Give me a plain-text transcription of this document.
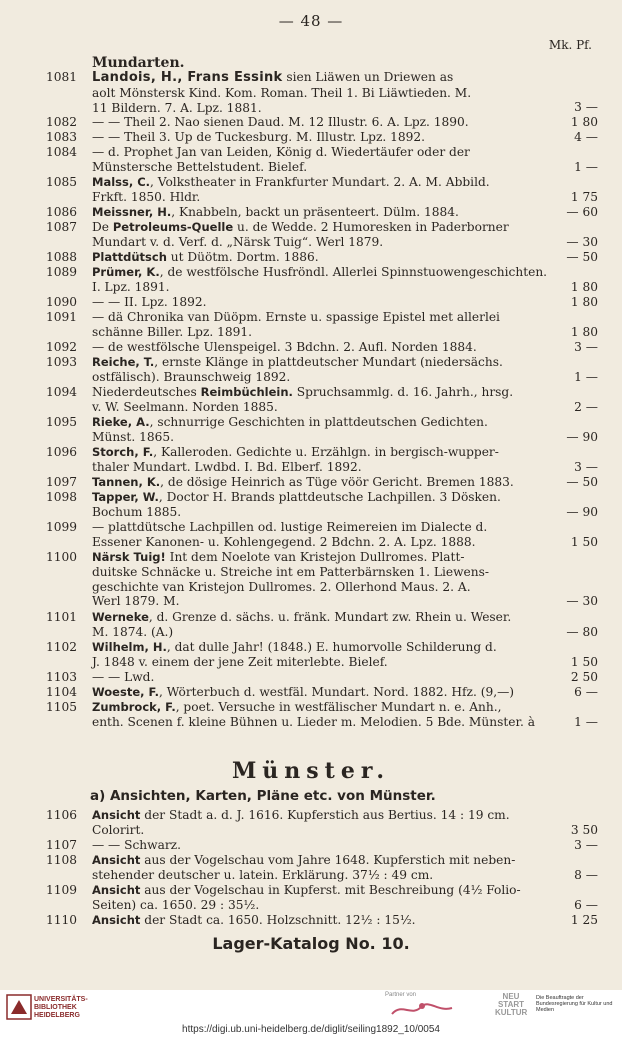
— 48 —
Mk. Pf.
Mundarten.
1081	Landois, H., Frans Essink sien Liäwen un Driewen as
aolt Mönstersk Kind. Kom. Roman. Theil 1. Bi Liäwtieden. M.
11 Bildern. 7. A. Lpz. 1881.	3 —
1082	— — Theil 2. Nao sienen Daud. M. 12 Illustr. 6. A. Lpz. 1890.	1 80
1083	— — Theil 3. Up de Tuckesburg. M. Illustr. Lpz. 1892.	4 —
1084	— d. Prophet Jan van Leiden, König d. Wiedertäufer oder der
Münstersche Bettelstudent. Bielef.	1 —
1085	Malss, C., Volkstheater in Frankfurter Mundart. 2. A. M. Abbild.
Frkft. 1850. Hldr.	1 75
1086	Meissner, H., Knabbeln, backt un präsenteert. Dülm. 1884.	— 60
1087	De Petroleums-Quelle u. de Wedde. 2 Humoresken in Paderborner
Mundart v. d. Verf. d. „Närsk Tuig“. Werl 1879.	— 30
1088	Plattdütsch ut Düötm. Dortm. 1886.	— 50
1089	Prümer, K., de westfölsche Husfröndl. Allerlei Spinnstuowengeschichten.
I. Lpz. 1891.	1 80
1090	— — II. Lpz. 1892.	1 80
1091	— dä Chronika van Düöpm. Ernste u. spassige Epistel met allerlei
schänne Biller. Lpz. 1891.	1 80
1092	— de westfölsche Ulenspeigel. 3 Bdchn. 2. Aufl. Norden 1884.	3 —
1093	Reiche, T., ernste Klänge in plattdeutscher Mundart (niedersächs.
ostfälisch). Braunschweig 1892.	1 —
1094	Niederdeutsches Reimbüchlein. Spruchsammlg. d. 16. Jahrh., hrsg.
v. W. Seelmann. Norden 1885.	2 —
1095	Rieke, A., schnurrige Geschichten in plattdeutschen Gedichten.
Münst. 1865.	— 90
1096	Storch, F., Kalleroden. Gedichte u. Erzählgn. in bergisch-wupper-
thaler Mundart. Lwdbd. I. Bd. Elberf. 1892.	3 —
1097	Tannen, K., de dösige Heinrich as Tüge vöör Gericht. Bremen 1883.	— 50
1098	Tapper, W., Doctor H. Brands plattdeutsche Lachpillen. 3 Dösken.
Bochum 1885.	— 90
1099	— plattdütsche Lachpillen od. lustige Reimereien im Dialecte d.
Essener Kanonen- u. Kohlengegend. 2 Bdchn. 2. A. Lpz. 1888.	1 50
1100	Närsk Tuig! Int dem Noelote van Kristejon Dullromes. Platt-
duitske Schnäcke u. Streiche int em Patterbärnsken 1. Liewens-
geschichte van Kristejon Dullromes. 2. Ollerhond Maus. 2. A.
Werl 1879. M.	— 30
1101	Werneke, d. Grenze d. sächs. u. fränk. Mundart zw. Rhein u. Weser.
M. 1874. (A.)	— 80
1102	Wilhelm, H., dat dulle Jahr! (1848.) E. humorvolle Schilderung d.
J. 1848 v. einem der jene Zeit miterlebte. Bielef.	1 50
1103	— — Lwd.	2 50
1104	Woeste, F., Wörterbuch d. westfäl. Mundart. Nord. 1882. Hfz. (9,—)	6 —
1105	Zumbrock, F., poet. Versuche in westfälischer Mundart n. e. Anh.,
enth. Scenen f. kleine Bühnen u. Lieder m. Melodien. 5 Bde. Münster. à	1 —
Münster.
a) Ansichten, Karten, Pläne etc. von Münster.
1106	Ansicht der Stadt a. d. J. 1616. Kupferstich aus Bertius. 14 : 19 cm.
Colorirt.	3 50
1107	— — Schwarz.	3 —
1108	Ansicht aus der Vogelschau vom Jahre 1648. Kupferstich mit neben-
stehender deutscher u. latein. Erklärung. 37½ : 49 cm.	8 —
1109	Ansicht aus der Vogelschau in Kupferst. mit Beschreibung (4½ Folio-
Seiten) ca. 1650. 29 : 35½.	6 —
1110	Ansicht der Stadt ca. 1650. Holzschnitt. 12½ : 15½.	1 25
Lager-Katalog No. 10.
UNIVERSITÄTS-
BIBLIOTHEK
HEIDELBERG
Partner von	NEU START KULTUR
Die Beauftragte der Bundesregierung für Kultur und Medien
https://digi.ub.uni-heidelberg.de/diglit/seiling1892_10/0054
